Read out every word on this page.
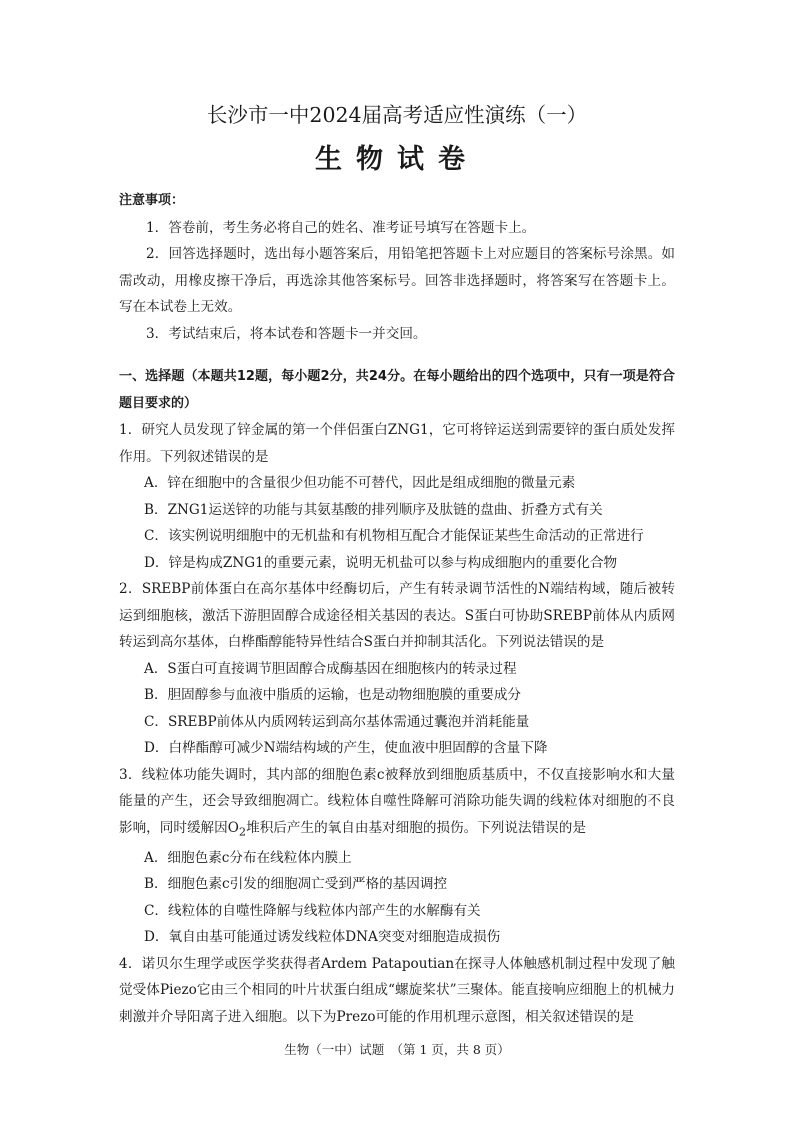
长沙市一中2024届高考适应性演练（一）
生物试卷

注意事项：

1．答卷前，考生务必将自己的姓名、准考证号填写在答题卡上。

2．回答选择题时，选出每小题答案后，用铅笔把答题卡上对应题目的答案标号涂黑。如需改动，用橡皮擦干净后，再选涂其他答案标号。回答非选择题时，将答案写在答题卡上。写在本试卷上无效。

3．考试结束后，将本试卷和答题卡一并交回。

一、选择题（本题共12题，每小题2分，共24分。在每小题给出的四个选项中，只有一项是符合题目要求的）

1．研究人员发现了锌金属的第一个伴侣蛋白ZNG1，它可将锌运送到需要锌的蛋白质处发挥作用。下列叙述错误的是

A．锌在细胞中的含量很少但功能不可替代，因此是组成细胞的微量元素

B．ZNG1运送锌的功能与其氨基酸的排列顺序及肽链的盘曲、折叠方式有关

C．该实例说明细胞中的无机盐和有机物相互配合才能保证某些生命活动的正常进行

D．锌是构成ZNG1的重要元素，说明无机盐可以参与构成细胞内的重要化合物

2．SREBP前体蛋白在高尔基体中经酶切后，产生有转录调节活性的N端结构域，随后被转运到细胞核，激活下游胆固醇合成途径相关基因的表达。S蛋白可协助SREBP前体从内质网转运到高尔基体，白桦酯醇能特异性结合S蛋白并抑制其活化。下列说法错误的是

A．S蛋白可直接调节胆固醇合成酶基因在细胞核内的转录过程

B．胆固醇参与血液中脂质的运输，也是动物细胞膜的重要成分

C．SREBP前体从内质网转运到高尔基体需通过囊泡并消耗能量

D．白桦酯醇可减少N端结构域的产生，使血液中胆固醇的含量下降

3．线粒体功能失调时，其内部的细胞色素c被释放到细胞质基质中，不仅直接影响水和大量能量的产生，还会导致细胞凋亡。线粒体自噬性降解可消除功能失调的线粒体对细胞的不良影响，同时缓解因$O_2$堆积后产生的氧自由基对细胞的损伤。下列说法错误的是

A．细胞色素c分布在线粒体内膜上

B．细胞色素c引发的细胞凋亡受到严格的基因调控

C．线粒体的自噬性降解与线粒体内部产生的水解酶有关

D．氧自由基可能通过诱发线粒体DNA突变对细胞造成损伤

4．诺贝尔生理学或医学奖获得者Ardem Patapoutian在探寻人体触感机制过程中发现了触觉受体Piezo它由三个相同的叶片状蛋白组成“螺旋桨状”三聚体。能直接响应细胞上的机械力刺激并介导阳离子进入细胞。以下为Prezo可能的作用机理示意图，相关叙述错误的是

生物（一中）试题　（第 1 页，共 8 页）
